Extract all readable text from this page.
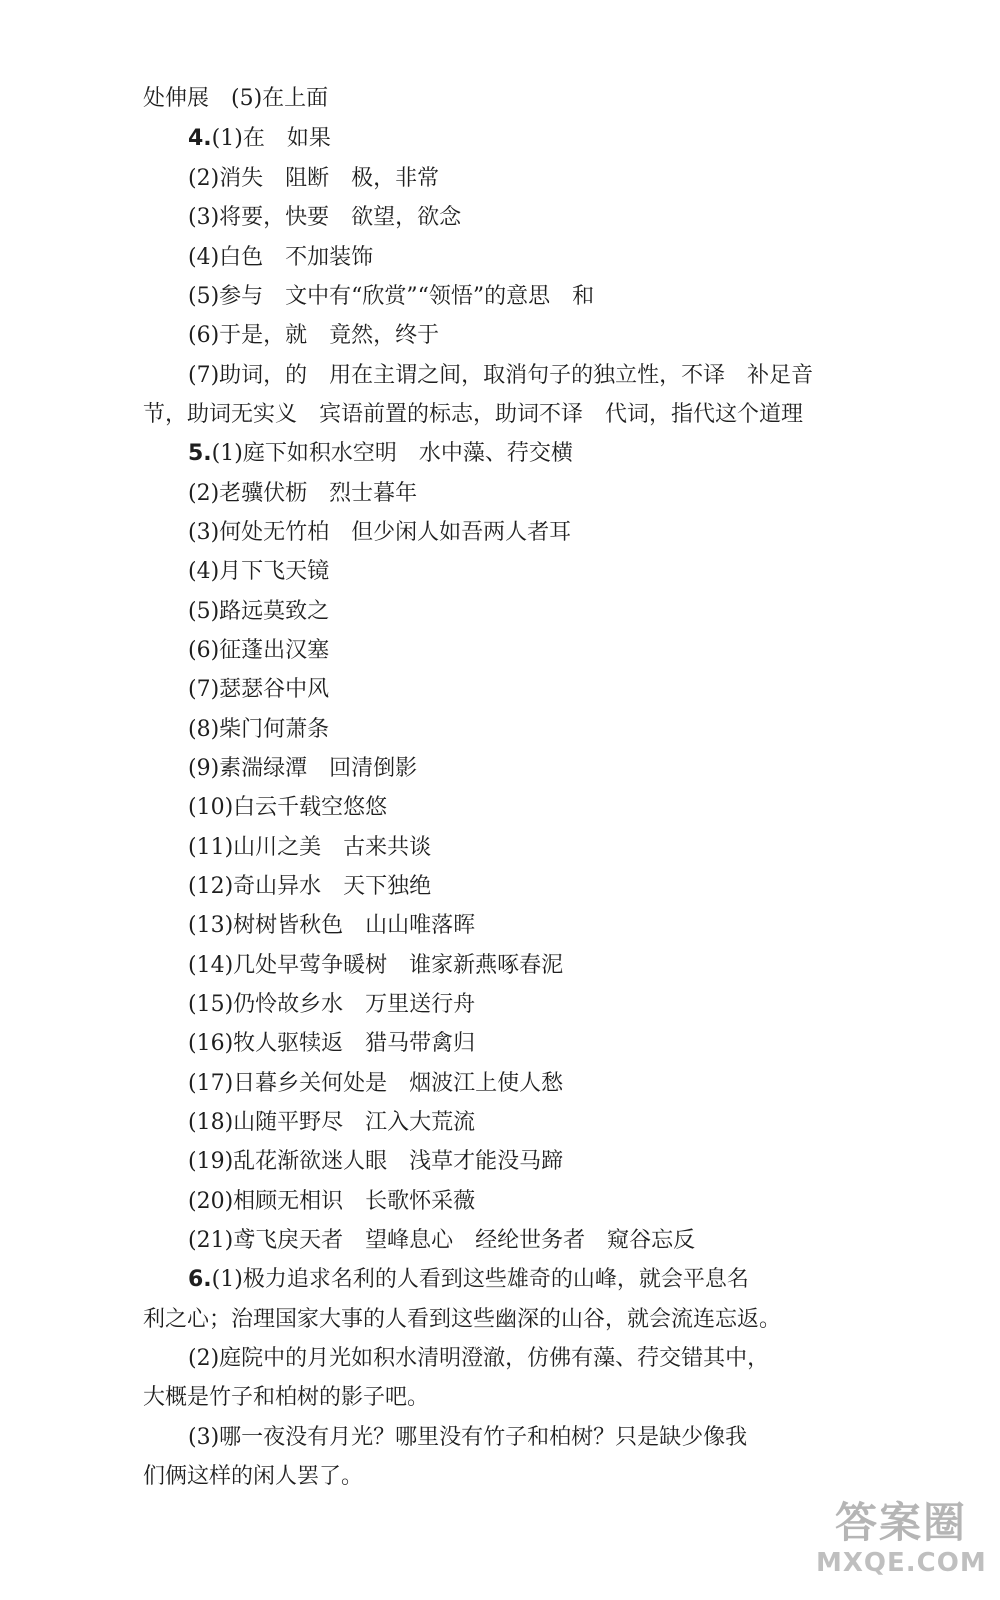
处伸展　(5)在上面
4.(1)在　如果
(2)消失　阻断　极，非常
(3)将要，快要　欲望，欲念
(4)白色　不加装饰
(5)参与　文中有“欣赏”“领悟”的意思　和
(6)于是，就　竟然，终于
(7)助词，的　用在主谓之间，取消句子的独立性，不译　补足音
节，助词无实义　宾语前置的标志，助词不译　代词，指代这个道理
5.(1)庭下如积水空明　水中藻、荇交横
(2)老骥伏枥　烈士暮年
(3)何处无竹柏　但少闲人如吾两人者耳
(4)月下飞天镜
(5)路远莫致之
(6)征蓬出汉塞
(7)瑟瑟谷中风
(8)柴门何萧条
(9)素湍绿潭　回清倒影
(10)白云千载空悠悠
(11)山川之美　古来共谈
(12)奇山异水　天下独绝
(13)树树皆秋色　山山唯落晖
(14)几处早莺争暖树　谁家新燕啄春泥
(15)仍怜故乡水　万里送行舟
(16)牧人驱犊返　猎马带禽归
(17)日暮乡关何处是　烟波江上使人愁
(18)山随平野尽　江入大荒流
(19)乱花渐欲迷人眼　浅草才能没马蹄
(20)相顾无相识　长歌怀采薇
(21)鸢飞戾天者　望峰息心　经纶世务者　窥谷忘反
6.(1)极力追求名利的人看到这些雄奇的山峰，就会平息名
利之心；治理国家大事的人看到这些幽深的山谷，就会流连忘返。
(2)庭院中的月光如积水清明澄澈，仿佛有藻、荇交错其中，
大概是竹子和柏树的影子吧。
(3)哪一夜没有月光？哪里没有竹子和柏树？只是缺少像我
们俩这样的闲人罢了。
答案圈
MXQE.COM
